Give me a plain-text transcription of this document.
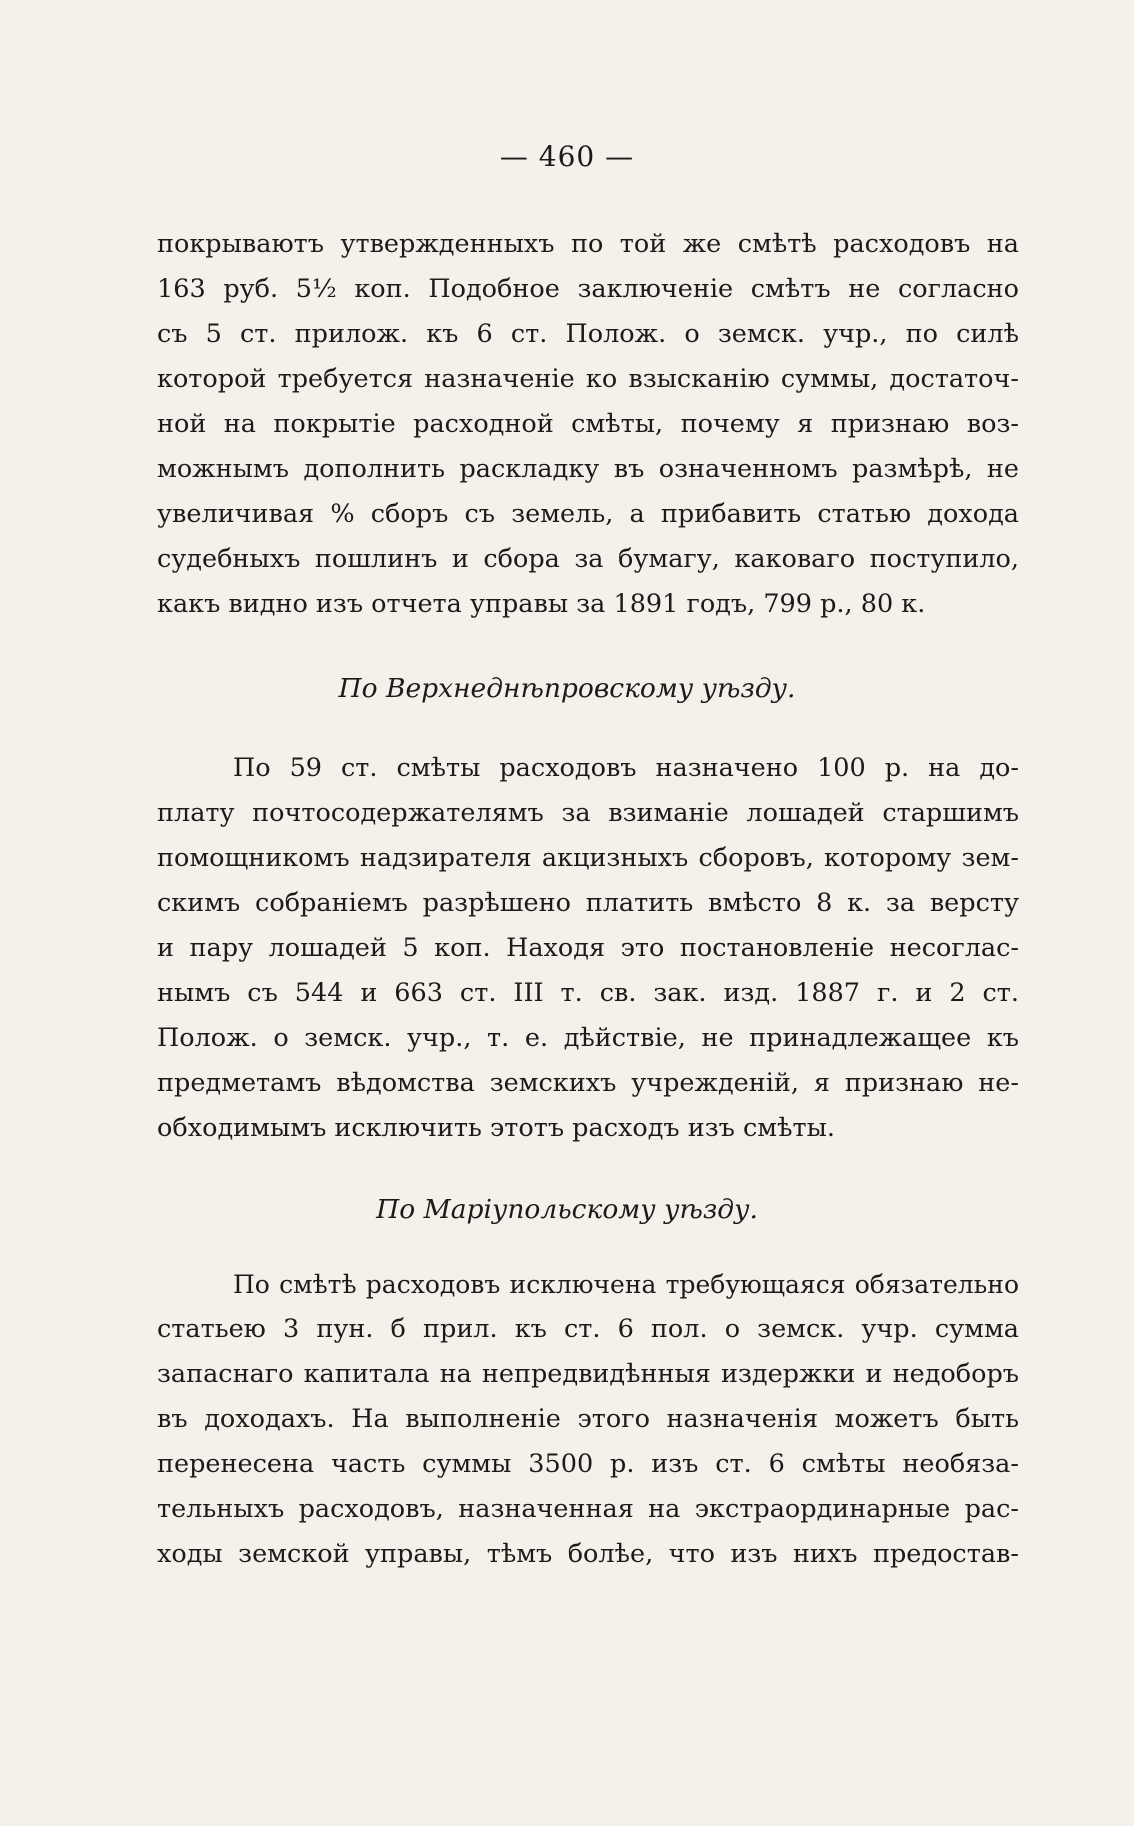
— 460 —
покрываютъ утвержденныхъ по той же смѣтѣ расходовъ на
163 руб. 5½ коп. Подобное заключеніе смѣтъ не согласно
съ 5 ст. прилож. къ 6 ст. Полож. о земск. учр., по силѣ
которой требуется назначеніе ко взысканію суммы, достаточ-
ной на покрытіе расходной смѣты, почему я признаю воз-
можнымъ дополнить раскладку въ означенномъ размѣрѣ, не
увеличивая % сборъ съ земель, а прибавить статью дохода
судебныхъ пошлинъ и сбора за бумагу, каковаго поступило,
какъ видно изъ отчета управы за 1891 годъ, 799 р., 80 к.
По Верхнеднѣпровскому уѣзду.
По 59 ст. смѣты расходовъ назначено 100 р. на до-
плату почтосодержателямъ за взиманіе лошадей старшимъ
помощникомъ надзирателя акцизныхъ сборовъ, которому зем-
скимъ собраніемъ разрѣшено платить вмѣсто 8 к. за версту
и пару лошадей 5 коп. Находя это постановленіе несоглас-
нымъ съ 544 и 663 ст. III т. св. зак. изд. 1887 г. и 2 ст.
Полож. о земск. учр., т. е. дѣйствіе, не принадлежащее къ
предметамъ вѣдомства земскихъ учрежденій, я признаю не-
обходимымъ исключить этотъ расходъ изъ смѣты.
По Маріупольскому уѣзду.
По смѣтѣ расходовъ исключена требующаяся обязательно
статьею 3 пун. б прил. къ ст. 6 пол. о земск. учр. сумма
запаснаго капитала на непредвидѣнныя издержки и недоборъ
въ доходахъ. На выполненіе этого назначенія можетъ быть
перенесена часть суммы 3500 р. изъ ст. 6 смѣты необяза-
тельныхъ расходовъ, назначенная на экстраординарные рас-
ходы земской управы, тѣмъ болѣе, что изъ нихъ предостав-
